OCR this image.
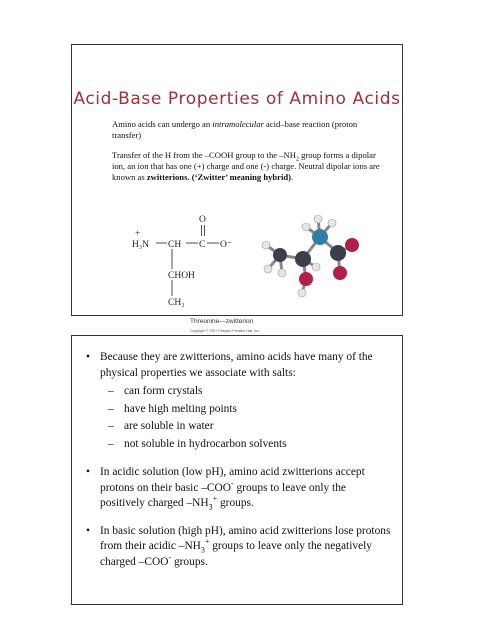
Acid-Base Properties of Amino Acids
Amino acids can undergo an intramolecular acid–base reaction (proton transfer)
Transfer of the H from the –COOH group to the $-NH_2$ group forms a dipolar ion, an ion that has one (+) charge and one (-) charge. Neutral dipolar ions are known as zwitterions. (‘Zwitter’ meaning hybrid).
+
H₃N CH C
O
O⁻
CHOH
CH₃
Threonine—zwitterion
Copyright © 2007 Pearson Prentice Hall, Inc.
• Because they are zwitterions, amino acids have many of the physical properties we associate with salts:
– can form crystals
– have high melting points
– are soluble in water
– not soluble in hydrocarbon solvents
• In acidic solution (low pH), amino acid zwitterions accept protons on their basic –COO- groups to leave only the positively charged $-NH_3^+$ groups.
• In basic solution (high pH), amino acid zwitterions lose protons from their acidic $-NH_3^+$ groups to leave only the negatively charged –COO- groups.
